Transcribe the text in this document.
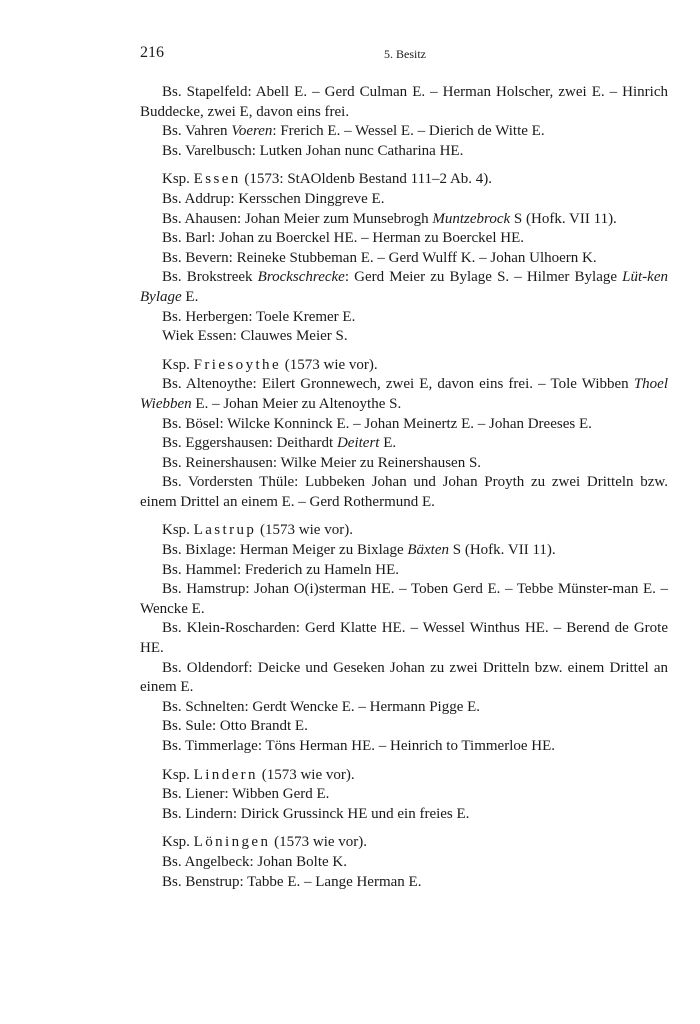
216	5. Besitz

Bs. Stapelfeld: Abell E. – Gerd Culman E. – Herman Holscher, zwei E. – Hinrich Buddecke, zwei E, davon eins frei.

Bs. Vahren Voeren: Frerich E. – Wessel E. – Dierich de Witte E.

Bs. Varelbusch: Lutken Johan nunc Catharina HE.

Ksp. Essen (1573: StAOldenb Bestand 111–2 Ab. 4).

Bs. Addrup: Kersschen Dinggreve E.

Bs. Ahausen: Johan Meier zum Munsebrogh Muntzebrock S (Hofk. VII 11).

Bs. Barl: Johan zu Boerckel HE. – Herman zu Boerckel HE.

Bs. Bevern: Reineke Stubbeman E. – Gerd Wulff K. – Johan Ulhoern K.

Bs. Brokstreek Brockschrecke: Gerd Meier zu Bylage S. – Hilmer Bylage Lüt-ken Bylage E.

Bs. Herbergen: Toele Kremer E.

Wiek Essen: Clauwes Meier S.

Ksp. Friesoythe (1573 wie vor).

Bs. Altenoythe: Eilert Gronnewech, zwei E, davon eins frei. – Tole Wibben Thoel Wiebben E. – Johan Meier zu Altenoythe S.

Bs. Bösel: Wilcke Konninck E. – Johan Meinertz E. – Johan Dreeses E.

Bs. Eggershausen: Deithardt Deitert E.

Bs. Reinershausen: Wilke Meier zu Reinershausen S.

Bs. Vordersten Thüle: Lubbeken Johan und Johan Proyth zu zwei Dritteln bzw. einem Drittel an einem E. – Gerd Rothermund E.

Ksp. Lastrup (1573 wie vor).

Bs. Bixlage: Herman Meiger zu Bixlage Bäxten S (Hofk. VII 11).

Bs. Hammel: Frederich zu Hameln HE.

Bs. Hamstrup: Johan O(i)sterman HE. – Toben Gerd E. – Tebbe Münster-man E. – Wencke E.

Bs. Klein-Roscharden: Gerd Klatte HE. – Wessel Winthus HE. – Berend de Grote HE.

Bs. Oldendorf: Deicke und Geseken Johan zu zwei Dritteln bzw. einem Drittel an einem E.

Bs. Schnelten: Gerdt Wencke E. – Hermann Pigge E.

Bs. Sule: Otto Brandt E.

Bs. Timmerlage: Töns Herman HE. – Heinrich to Timmerloe HE.

Ksp. Lindern (1573 wie vor).

Bs. Liener: Wibben Gerd E.

Bs. Lindern: Dirick Grussinck HE und ein freies E.

Ksp. Löningen (1573 wie vor).

Bs. Angelbeck: Johan Bolte K.

Bs. Benstrup: Tabbe E. – Lange Herman E.
